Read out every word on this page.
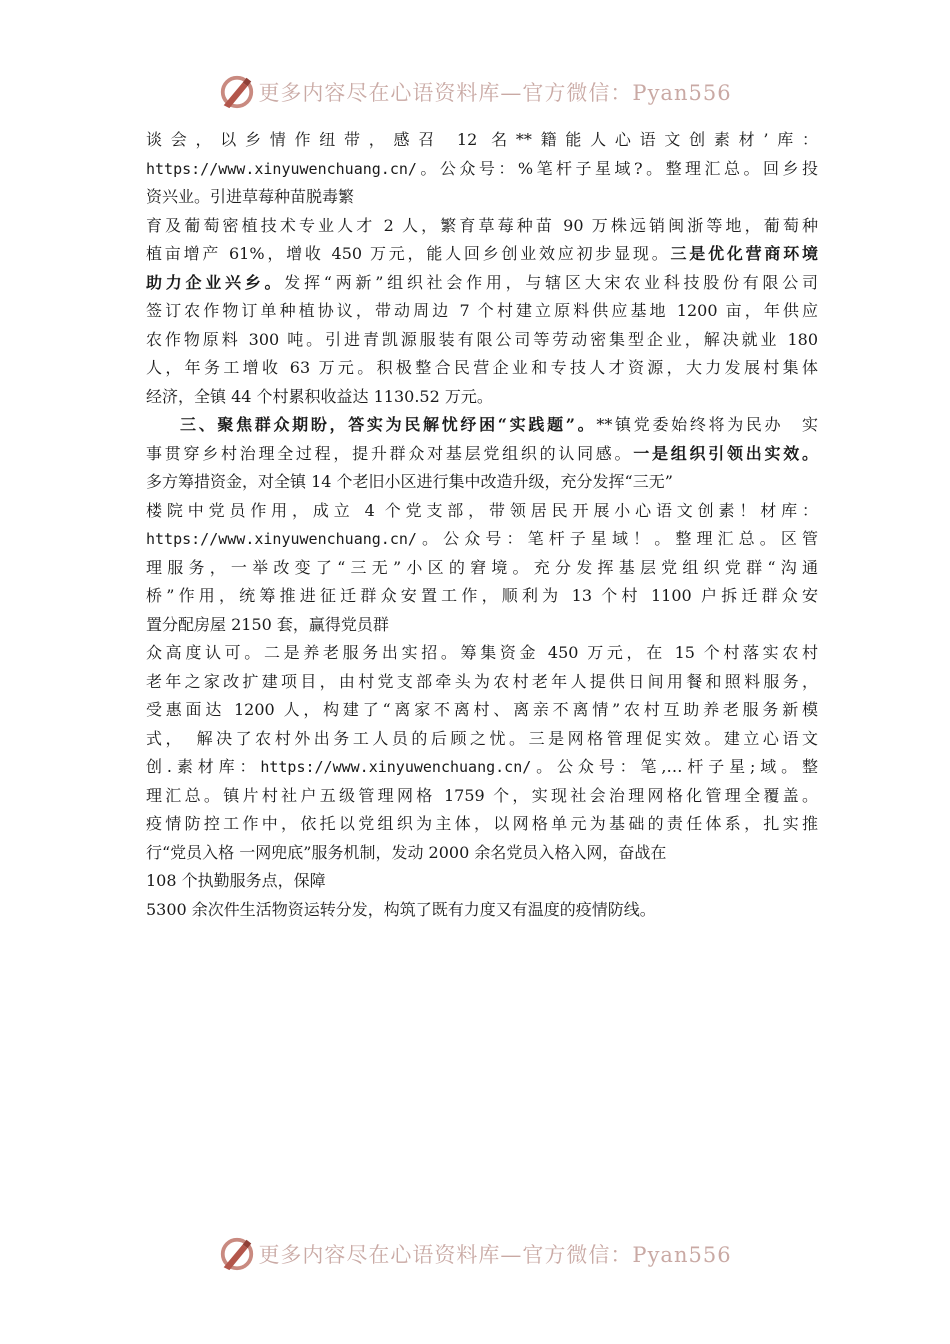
更多内容尽在心语资料库—官方微信：Pyan556

谈会，以乡情作纽带，感召 12 名**籍能人心语文创素材’库：

https://www.xinyuwenchuang.cn/。公众号：%笔杆子星域?。整理汇总。回乡投

资兴业。引进草莓种苗脱毒繁

育及葡萄密植技术专业人才 2 人，繁育草莓种苗 90 万株远销闽浙等地，葡萄种

植亩增产 61%，增收 450 万元，能人回乡创业效应初步显现。三是优化营商环境

助力企业兴乡。发挥“两新”组织社会作用，与辖区大宋农业科技股份有限公司

签订农作物订单种植协议，带动周边 7 个村建立原料供应基地 1200 亩，年供应

农作物原料 300 吨。引进青凯源服装有限公司等劳动密集型企业，解决就业 180

人，年务工增收 63 万元。积极整合民营企业和专技人才资源，大力发展村集体

经济，全镇 44 个村累积收益达 1130.52 万元。

三、聚焦群众期盼，答实为民解忧纾困“实践题”。**镇党委始终将为民办　实

事贯穿乡村治理全过程，提升群众对基层党组织的认同感。一是组织引领出实效。

多方筹措资金，对全镇 14 个老旧小区进行集中改造升级，充分发挥“三无”

楼院中党员作用，成立 4 个党支部，带领居民开展小心语文创素！材库：

https://www.xinyuwenchuang.cn/。公众号：笔杆子星域！。整理汇总。区管

理服务，一举改变了“三无”小区的窘境。充分发挥基层党组织党群“沟通

桥”作用，统筹推进征迁群众安置工作，顺利为 13 个村 1100 户拆迁群众安

置分配房屋 2150 套，赢得党员群

众高度认可。二是养老服务出实招。筹集资金 450 万元，在 15 个村落实农村

老年之家改扩建项目，由村党支部牵头为农村老年人提供日间用餐和照料服务，

受惠面达 1200 人，构建了“离家不离村、离亲不离情”农村互助养老服务新模

式，　解决了农村外出务工人员的后顾之忧。三是网格管理促实效。建立心语文

创.素材库：https://www.xinyuwenchuang.cn/。公众号：笔,…杆子星;域。整

理汇总。镇片村社户五级管理网格 1759 个，实现社会治理网格化管理全覆盖。

疫情防控工作中，依托以党组织为主体，以网格单元为基础的责任体系，扎实推

行“党员入格 一网兜底”服务机制，发动 2000 余名党员入格入网，奋战在

108 个执勤服务点，保障

5300 余次件生活物资运转分发，构筑了既有力度又有温度的疫情防线。

更多内容尽在心语资料库—官方微信：Pyan556
